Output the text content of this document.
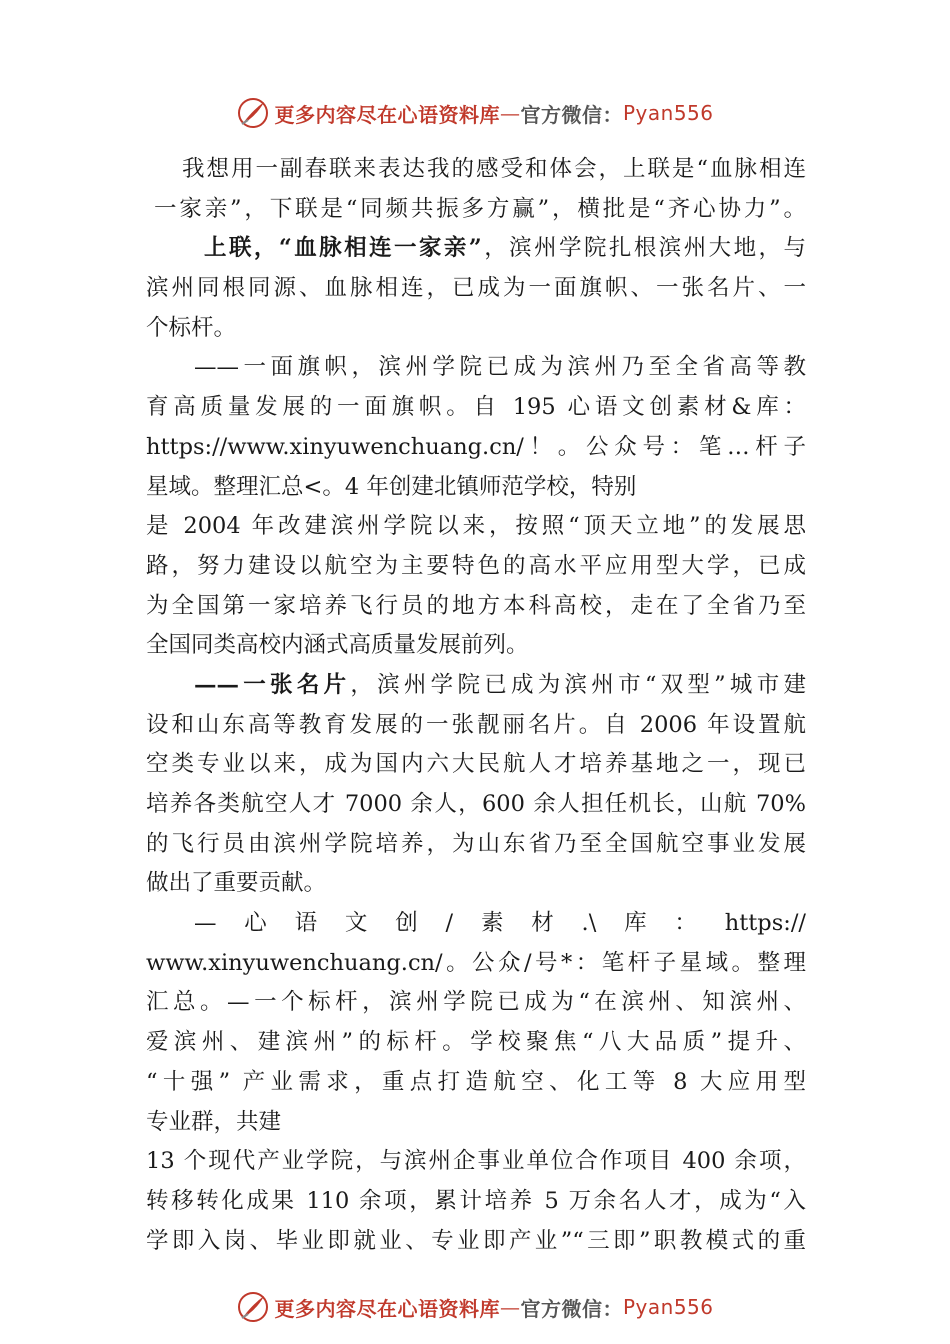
更多内容尽在心语资料库 — 官方微信： Pyan556
我想用一副春联来表达我的感受和体会，上联是“血脉相连
一家亲”，下联是“同频共振多方赢”，横批是“齐心协力”。
上联，“血脉相连一家亲”，滨州学院扎根滨州大地，与
滨州同根同源、血脉相连，已成为一面旗帜、一张名片、一
个标杆。
——一面旗帜，滨州学院已成为滨州乃至全省高等教
育高质量发展的一面旗帜。自 195 心语文创素材&库：
https://www.xinyuwenchuang.cn/！。公众号：笔…杆子
星域。整理汇总<。4 年创建北镇师范学校，特别
是 2004 年改建滨州学院以来，按照“顶天立地”的发展思
路，努力建设以航空为主要特色的高水平应用型大学，已成
为全国第一家培养飞行员的地方本科高校，走在了全省乃至
全国同类高校内涵式高质量发展前列。
——一张名片，滨州学院已成为滨州市“双型”城市建
设和山东高等教育发展的一张靓丽名片。自 2006 年设置航
空类专业以来，成为国内六大民航人才培养基地之一，现已
培养各类航空人才 7000 余人，600 余人担任机长，山航 70%
的飞行员由滨州学院培养，为山东省乃至全国航空事业发展
做出了重要贡献。
—心语文创/素材.\库：https://
www.xinyuwenchuang.cn/。公众/号*：笔杆子星域。整理
汇总。—一个标杆，滨州学院已成为“在滨州、知滨州、
爱滨州、建滨州”的标杆。学校聚焦“八大品质”提升、
“十强” 产业需求，重点打造航空、化工等 8 大应用型
专业群，共建
13 个现代产业学院，与滨州企事业单位合作项目 400 余项，
转移转化成果 110 余项，累计培养 5 万余名人才，成为“入
学即入岗、毕业即就业、专业即产业”“三即”职教模式的重
更多内容尽在心语资料库 — 官方微信： Pyan556
